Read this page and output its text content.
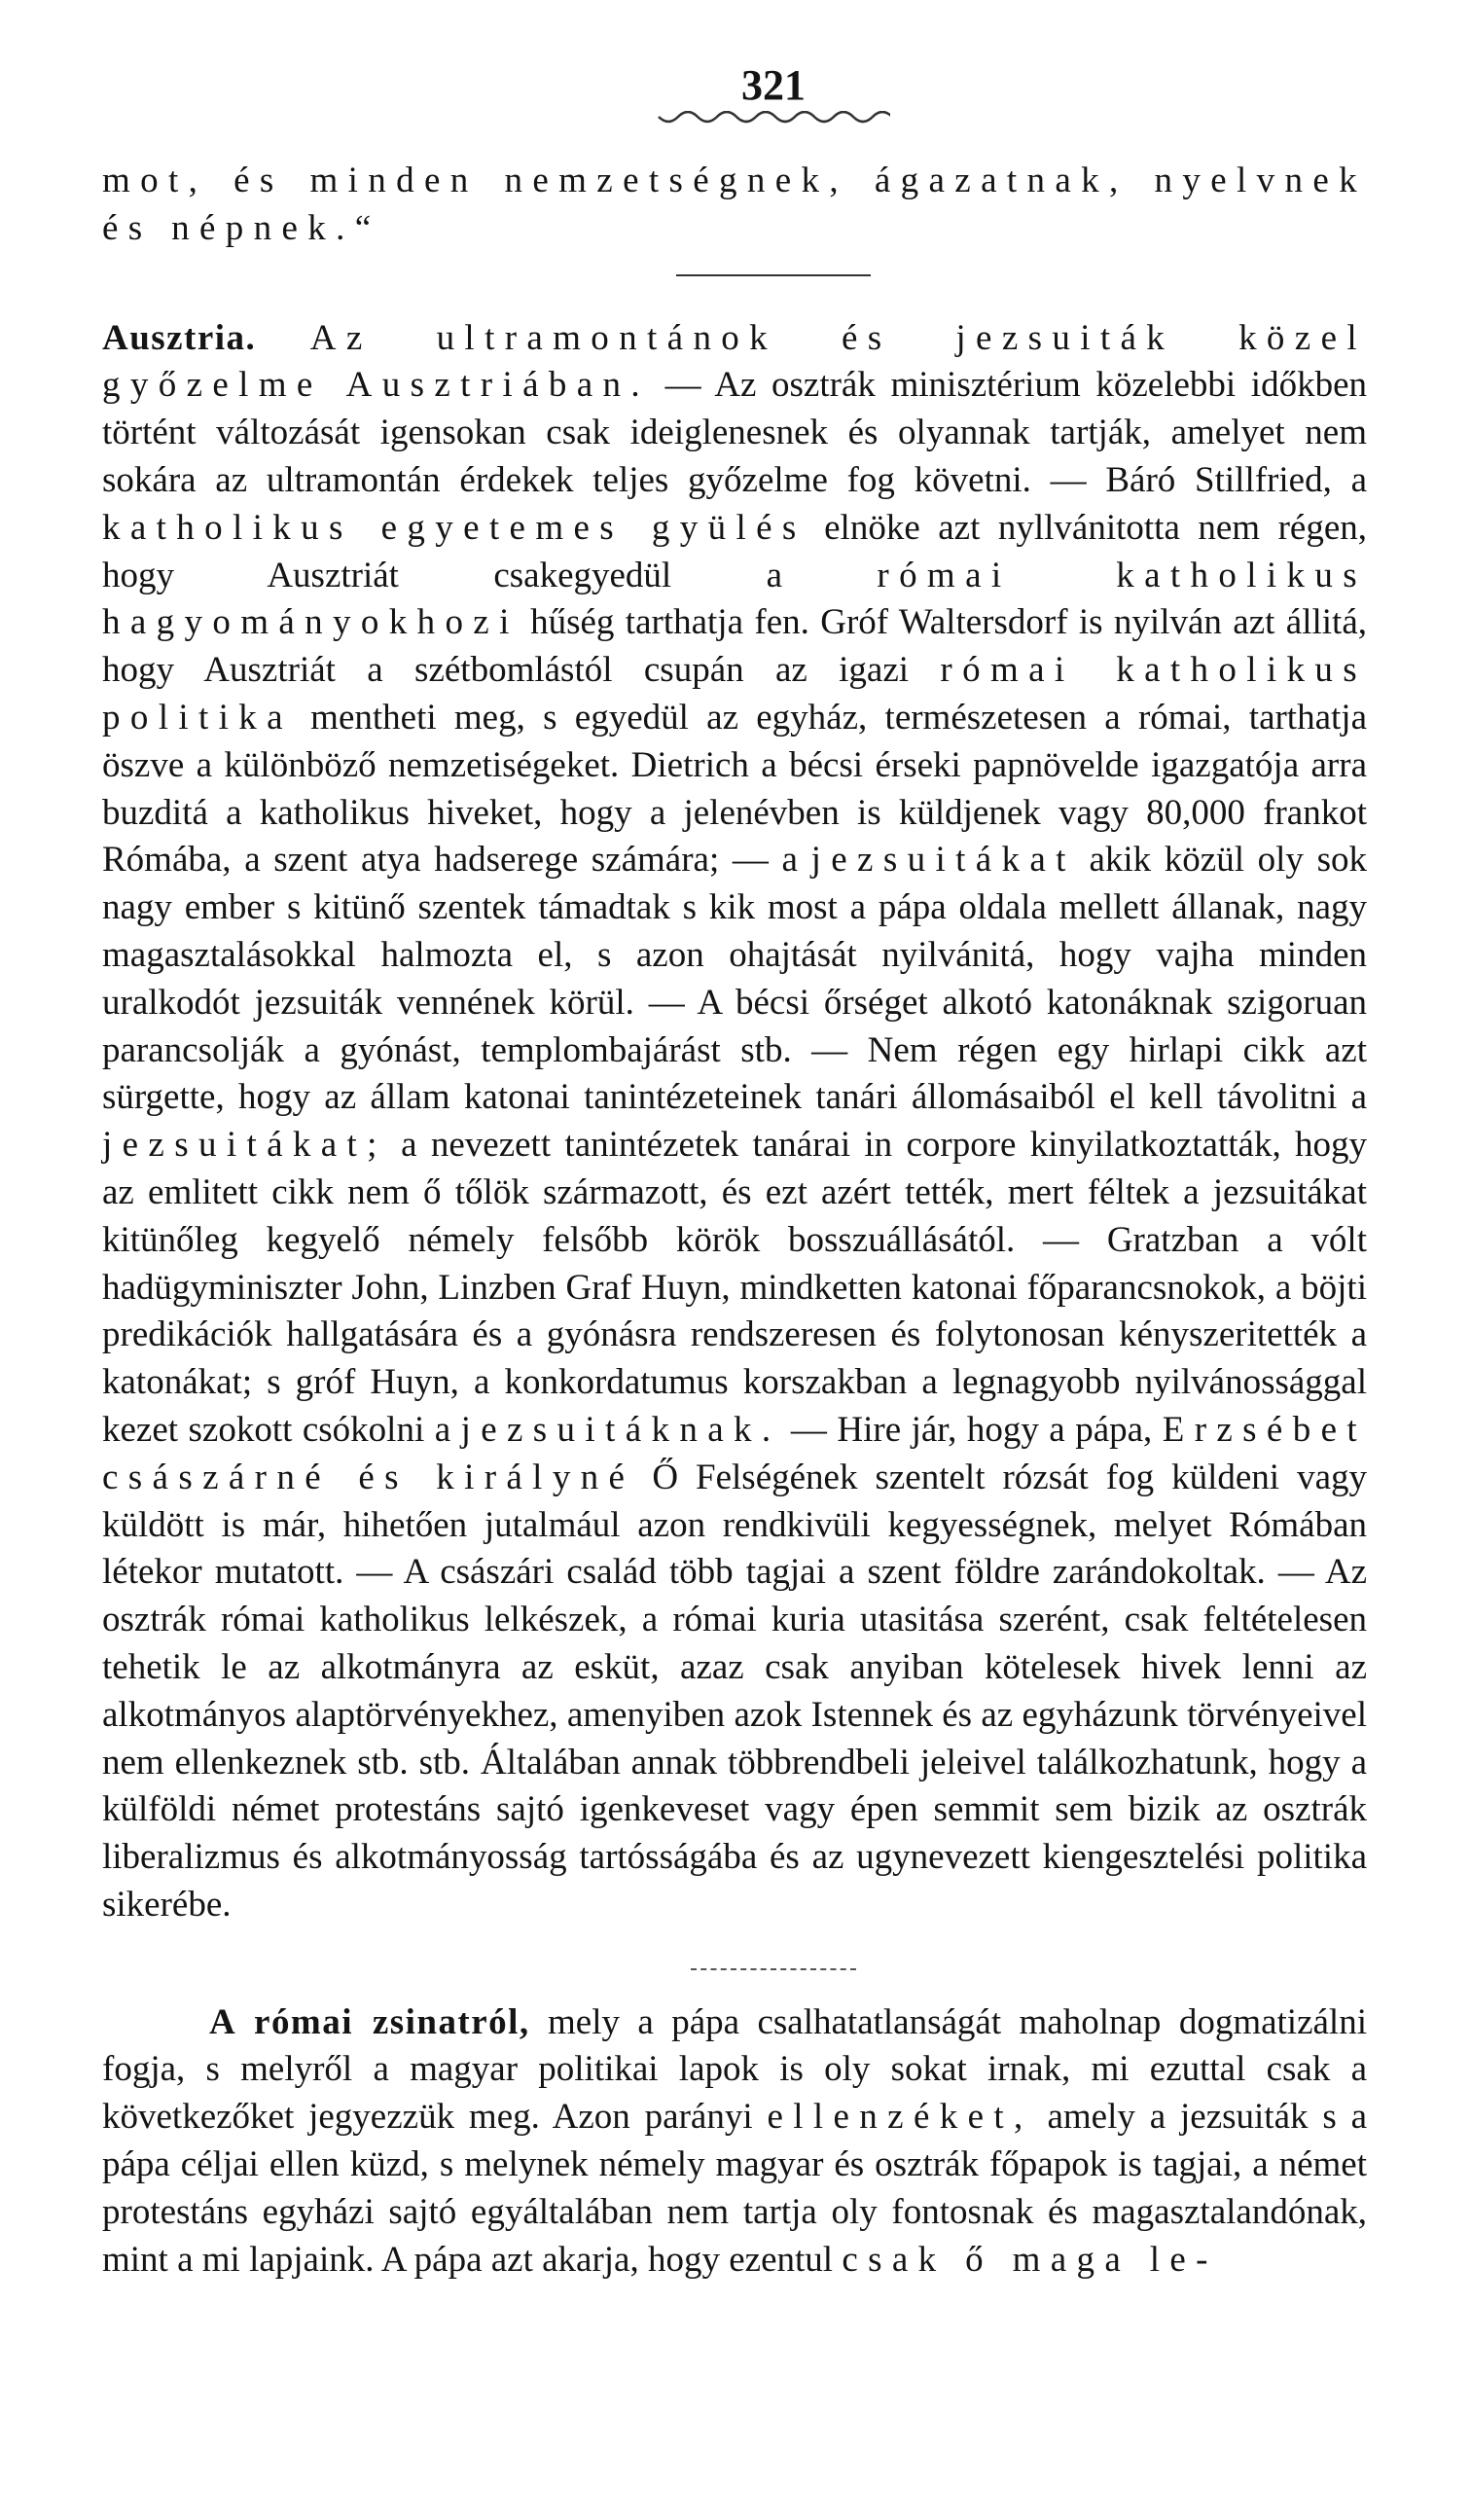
321

mot, és minden nemzetségnek, ágazatnak, nyelvnek és népnek.“

Ausztria. Az ultramontánok és jezsuiták közel győzelme Ausztriában. — Az osztrák minisztérium közelebbi időkben történt változását igensokan csak ideiglenesnek és olyannak tartják, amelyet nem sokára az ultramontán érdekek teljes győzelme fog követni. — Báró Stillfried, a katholikus egyetemes gyülés elnöke azt nyllvánitotta nem régen, hogy Ausztriát csakegyedül a római katholikus hagyományokhozi hűség tarthatja fen. Gróf Waltersdorf is nyilván azt állitá, hogy Ausztriát a szétbomlástól csupán az igazi római katholikus politika mentheti meg, s egyedül az egyház, természetesen a római, tarthatja öszve a különböző nemzetiségeket. Dietrich a bécsi érseki papnövelde igazgatója arra buzditá a katholikus hiveket, hogy a jelenévben is küldjenek vagy 80,000 frankot Rómába, a szent atya hadserege számára; — a jezsuitákat akik közül oly sok nagy ember s kitünő szentek támadtak s kik most a pápa oldala mellett állanak, nagy magasztalásokkal halmozta el, s azon ohajtását nyilvánitá, hogy vajha minden uralkodót jezsuiták vennének körül. — A bécsi őrséget alkotó katonáknak szigoruan parancsolják a gyónást, templombajárást stb. — Nem régen egy hirlapi cikk azt sürgette, hogy az állam katonai tanintézeteinek tanári állomásaiból el kell távolitni a jezsuitákat; a nevezett tanintézetek tanárai in corpore kinyilatkoztatták, hogy az emlitett cikk nem ő tőlök származott, és ezt azért tették, mert féltek a jezsuitákat kitünőleg kegyelő némely felsőbb körök bosszuállásától. — Gratzban a vólt hadügyminiszter John, Linzben Graf Huyn, mindketten katonai főparancsnokok, a böjti predikációk hallgatására és a gyónásra rendszeresen és folytonosan kényszeritették a katonákat; s gróf Huyn, a konkordatumus korszakban a legnagyobb nyilvánossággal kezet szokott csókolni a jezsuitáknak. — Hire jár, hogy a pápa, Erzsébet császárné és királyné Ő Felségének szentelt rózsát fog küldeni vagy küldött is már, hihetően jutalmául azon rendkivüli kegyességnek, melyet Rómában létekor mutatott. — A császári család több tagjai a szent földre zarándokoltak. — Az osztrák római katholikus lelkészek, a római kuria utasitása szerént, csak feltételesen tehetik le az alkotmányra az esküt, azaz csak anyiban kötelesek hivek lenni az alkotmányos alaptörvényekhez, amenyiben azok Istennek és az egyházunk törvényeivel nem ellenkeznek stb. stb. Általában annak többrendbeli jeleivel találkozhatunk, hogy a külföldi német protestáns sajtó igenkeveset vagy épen semmit sem bizik az osztrák liberalizmus és alkotmányosság tartósságába és az ugynevezett kiengesztelési politika sikerébe.

A római zsinatról, mely a pápa csalhatatlanságát maholnap dogmatizálni fogja, s melyről a magyar politikai lapok is oly sokat irnak, mi ezuttal csak a következőket jegyezzük meg. Azon parányi ellenzéket, amely a jezsuiták s a pápa céljai ellen küzd, s melynek némely magyar és osztrák főpapok is tagjai, a német protestáns egyházi sajtó egyáltalában nem tartja oly fontosnak és magasztalandónak, mint a mi lapjaink. A pápa azt akarja, hogy ezentul csak ő maga le-
